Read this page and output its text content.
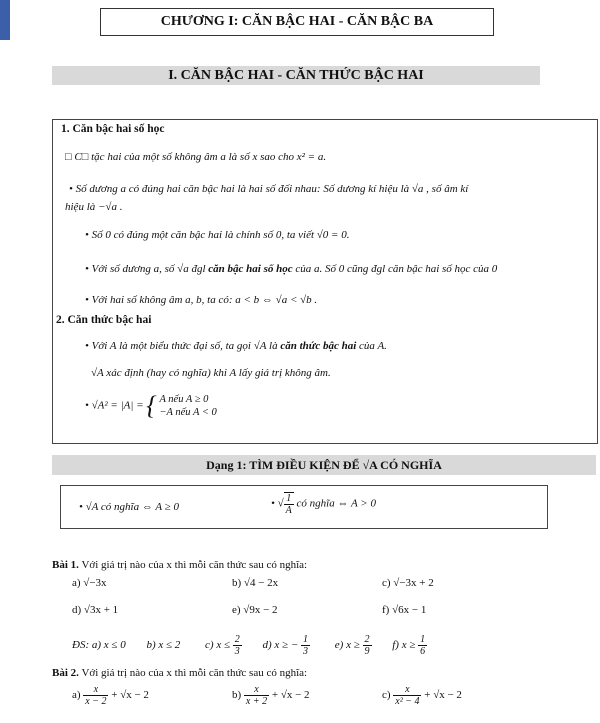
CHƯƠNG I: CĂN BẬC HAI - CĂN BẬC BA
I. CĂN BẬC HAI - CĂN THỨC BẬC HAI
1. Căn bậc hai số học
□ C□ tặc hai của một số không âm a là số x sao cho x² = a.
• Số dương a có đúng hai căn bậc hai là hai số đối nhau: Số dương kí hiệu là √a , số âm kí
hiệu là −√a .
• Số 0 có đúng một căn bậc hai là chính số 0, ta viết √0 = 0.
• Với số dương a, số √a đgl căn bậc hai số học của a. Số 0 cũng đgl căn bậc hai số học của 0
• Với hai số không âm a, b, ta có: a < b ⇔ √a < √b .
2. Căn thức bậc hai
• Với A là một biểu thức đại số, ta gọi √A là căn thức bậc hai của A.
√A xác định (hay có nghĩa) khi A lấy giá trị không âm.
• √A² = |A| = { A nếu A ≥ 0
−A nếu A < 0
Dạng 1: TÌM ĐIỀU KIỆN ĐỂ √A CÓ NGHĨA
• √A có nghĩa ⇔ A ≥ 0	• √ $\frac{1}{A}$ có nghĩa ⇔ A > 0
Bài 1. Với giá trị nào của x thì mỗi căn thức sau có nghĩa:
a) √−3x	b) √4 − 2x	c) √−3x + 2
d) √3x + 1	e) √9x − 2	f) √6x − 1
ĐS: a) x ≤ 0 b) x ≤ 2 c) $x \le \frac{2}{3} d$) x ≥ − $\frac{1}{3} e$) $x \ge \frac{2}{9} f$) $x \ge \frac{1}{6}$
Bài 2. Với giá trị nào của x thì mỗi căn thức sau có nghĩa:
$a) \frac{x}{x - 2} + √x - 2$	$b) \frac{x}{x + 2} + √x - 2$	$c) \frac{x}{\text{x² − 4}} + √x - 2$
